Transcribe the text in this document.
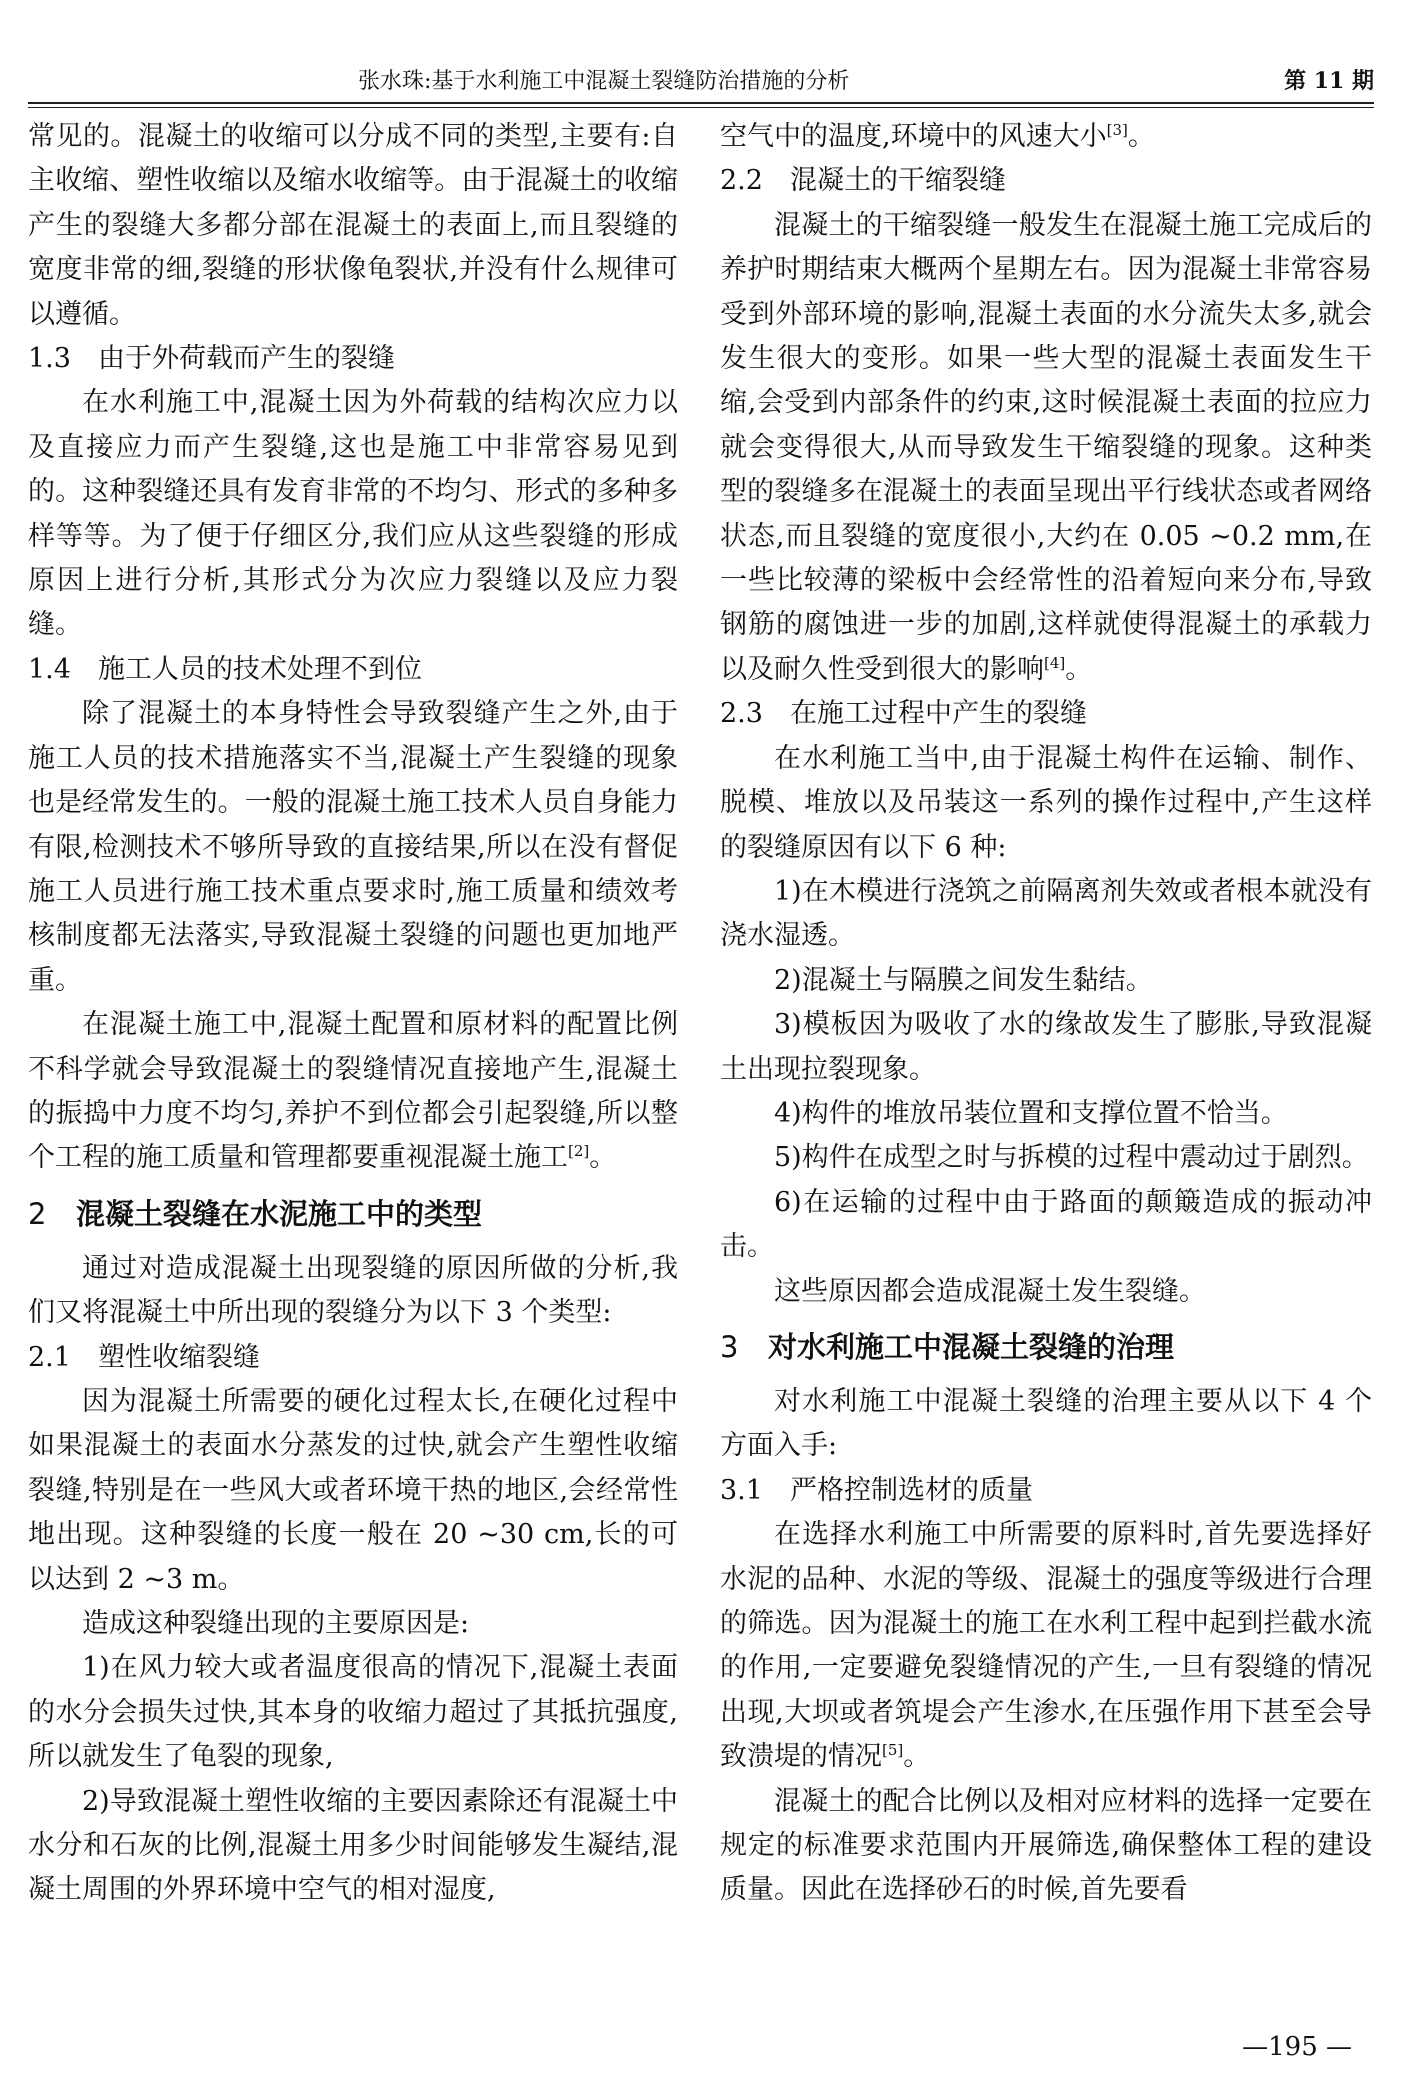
张水珠:基于水利施工中混凝土裂缝防治措施的分析	第 11 期

常见的。混凝土的收缩可以分成不同的类型,主要有:自主收缩、塑性收缩以及缩水收缩等。由于混凝土的收缩产生的裂缝大多都分部在混凝土的表面上,而且裂缝的宽度非常的细,裂缝的形状像龟裂状,并没有什么规律可以遵循。

1.3 由于外荷载而产生的裂缝

在水利施工中,混凝土因为外荷载的结构次应力以及直接应力而产生裂缝,这也是施工中非常容易见到的。这种裂缝还具有发育非常的不均匀、形式的多种多样等等。为了便于仔细区分,我们应从这些裂缝的形成原因上进行分析,其形式分为次应力裂缝以及应力裂缝。

1.4 施工人员的技术处理不到位

除了混凝土的本身特性会导致裂缝产生之外,由于施工人员的技术措施落实不当,混凝土产生裂缝的现象也是经常发生的。一般的混凝土施工技术人员自身能力有限,检测技术不够所导致的直接结果,所以在没有督促施工人员进行施工技术重点要求时,施工质量和绩效考核制度都无法落实,导致混凝土裂缝的问题也更加地严重。

在混凝土施工中,混凝土配置和原材料的配置比例不科学就会导致混凝土的裂缝情况直接地产生,混凝土的振捣中力度不均匀,养护不到位都会引起裂缝,所以整个工程的施工质量和管理都要重视混凝土施工[2]。

2 混凝土裂缝在水泥施工中的类型

通过对造成混凝土出现裂缝的原因所做的分析,我们又将混凝土中所出现的裂缝分为以下 3 个类型:

2.1 塑性收缩裂缝

因为混凝土所需要的硬化过程太长,在硬化过程中如果混凝土的表面水分蒸发的过快,就会产生塑性收缩裂缝,特别是在一些风大或者环境干热的地区,会经常性地出现。这种裂缝的长度一般在 20 ~30 cm,长的可以达到 2 ~3 m。

造成这种裂缝出现的主要原因是:

1)在风力较大或者温度很高的情况下,混凝土表面的水分会损失过快,其本身的收缩力超过了其抵抗强度,所以就发生了龟裂的现象,

2)导致混凝土塑性收缩的主要因素除还有混凝土中水分和石灰的比例,混凝土用多少时间能够发生凝结,混凝土周围的外界环境中空气的相对湿度,

空气中的温度,环境中的风速大小[3]。

2.2 混凝土的干缩裂缝

混凝土的干缩裂缝一般发生在混凝土施工完成后的养护时期结束大概两个星期左右。因为混凝土非常容易受到外部环境的影响,混凝土表面的水分流失太多,就会发生很大的变形。如果一些大型的混凝土表面发生干缩,会受到内部条件的约束,这时候混凝土表面的拉应力就会变得很大,从而导致发生干缩裂缝的现象。这种类型的裂缝多在混凝土的表面呈现出平行线状态或者网络状态,而且裂缝的宽度很小,大约在 0.05 ~0.2 mm,在一些比较薄的梁板中会经常性的沿着短向来分布,导致钢筋的腐蚀进一步的加剧,这样就使得混凝土的承载力以及耐久性受到很大的影响[4]。

2.3 在施工过程中产生的裂缝

在水利施工当中,由于混凝土构件在运输、制作、脱模、堆放以及吊装这一系列的操作过程中,产生这样的裂缝原因有以下 6 种:

1)在木模进行浇筑之前隔离剂失效或者根本就没有浇水湿透。

2)混凝土与隔膜之间发生黏结。

3)模板因为吸收了水的缘故发生了膨胀,导致混凝土出现拉裂现象。

4)构件的堆放吊装位置和支撑位置不恰当。

5)构件在成型之时与拆模的过程中震动过于剧烈。

6)在运输的过程中由于路面的颠簸造成的振动冲击。

这些原因都会造成混凝土发生裂缝。

3 对水利施工中混凝土裂缝的治理

对水利施工中混凝土裂缝的治理主要从以下 4 个方面入手:

3.1 严格控制选材的质量

在选择水利施工中所需要的原料时,首先要选择好水泥的品种、水泥的等级、混凝土的强度等级进行合理的筛选。因为混凝土的施工在水利工程中起到拦截水流的作用,一定要避免裂缝情况的产生,一旦有裂缝的情况出现,大坝或者筑堤会产生渗水,在压强作用下甚至会导致溃堤的情况[5]。

混凝土的配合比例以及相对应材料的选择一定要在规定的标准要求范围内开展筛选,确保整体工程的建设质量。因此在选择砂石的时候,首先要看

—195 —
